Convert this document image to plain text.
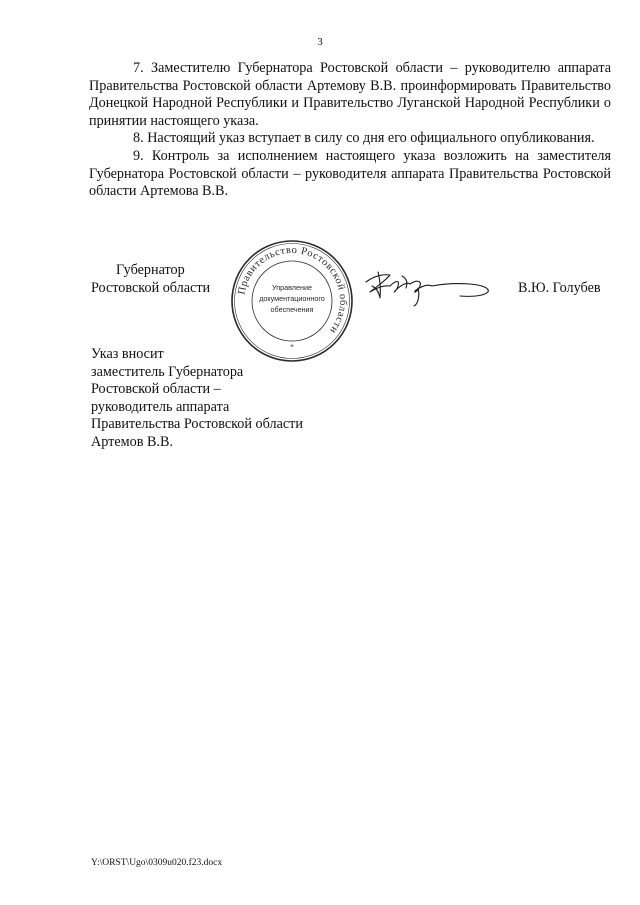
3

7. Заместителю Губернатора Ростовской области – руководителю аппарата Правительства Ростовской области Артемову В.В. проинформировать Правительство Донецкой Народной Республики и Правительство Луганской Народной Республики о принятии настоящего указа.

8. Настоящий указ вступает в силу со дня его официального опубликования.

9. Контроль за исполнением настоящего указа возложить на заместителя Губернатора Ростовской области – руководителя аппарата Правительства Ростовской области Артемова В.В.

Губернатор
Ростовской области Правительство Ростовской области
Управление
документационного
обеспечения
*
В.Ю. Голубев
Указ вносит
заместитель Губернатора
Ростовской области –
руководитель аппарата
Правительства Ростовской области
Артемов В.В.
Y:\ORST\Ugo\0309u020.f23.docx
